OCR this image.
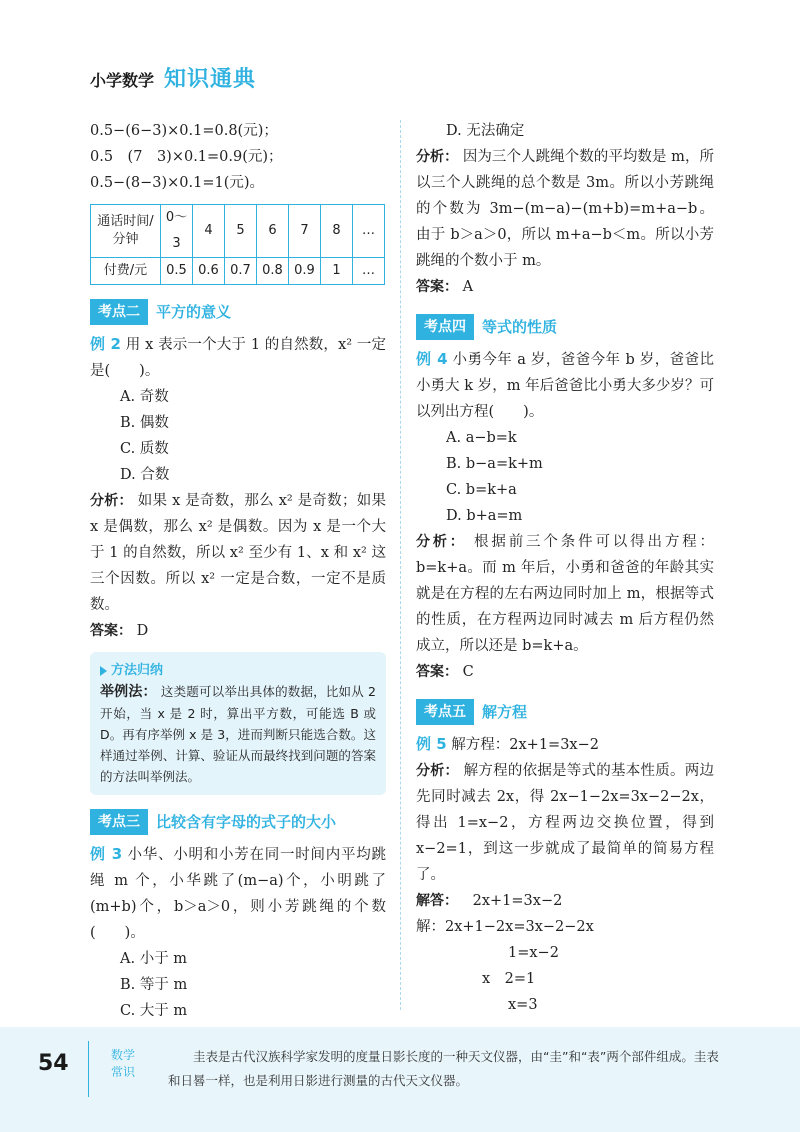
小学数学 知识通典
0.5−(6−3)×0.1=0.8(元)；
0.5　(7　3)×0.1=0.9(元)；
0.5−(8−3)×0.1=1(元)。
通话时间/分钟	0～3	4	5	6	7	8	…
付费/元	0.5	0.6	0.7	0.8	0.9	1	…
考点二	平方的意义
例 2 用 x 表示一个大于 1 的自然数，x² 一定是(　　)。
A. 奇数
B. 偶数
C. 质数
D. 合数
分析： 如果 x 是奇数，那么 x² 是奇数；如果 x 是偶数，那么 x² 是偶数。因为 x 是一个大于 1 的自然数，所以 x² 至少有 1、x 和 x² 这三个因数。所以 x² 一定是合数，一定不是质数。
答案： D
方法归纳
举例法： 这类题可以举出具体的数据，比如从 2 开始，当 x 是 2 时，算出平方数，可能选 B 或 D。再有序举例 x 是 3，进而判断只能选合数。这样通过举例、计算、验证从而最终找到问题的答案的方法叫举例法。
考点三	比较含有字母的式子的大小
例 3 小华、小明和小芳在同一时间内平均跳绳 m 个，小华跳了(m−a)个，小明跳了(m+b)个，b＞a＞0，则小芳跳绳的个数(　　)。
A. 小于 m
B. 等于 m
C. 大于 m
D. 无法确定
分析： 因为三个人跳绳个数的平均数是 m，所以三个人跳绳的总个数是 3m。所以小芳跳绳的个数为 3m−(m−a)−(m+b)=m+a−b。由于 b＞a＞0，所以 m+a−b＜m。所以小芳跳绳的个数小于 m。
答案： A
考点四	等式的性质
例 4 小勇今年 a 岁，爸爸今年 b 岁，爸爸比小勇大 k 岁，m 年后爸爸比小勇大多少岁？可以列出方程(　　)。
A. a−b=k
B. b−a=k+m
C. b=k+a
D. b+a=m
分析： 根据前三个条件可以得出方程：b=k+a。而 m 年后，小勇和爸爸的年龄其实就是在方程的左右两边同时加上 m，根据等式的性质，在方程两边同时减去 m 后方程仍然成立，所以还是 b=k+a。
答案： C
考点五	解方程
例 5 解方程：2x+1=3x−2
分析： 解方程的依据是等式的基本性质。两边先同时减去 2x，得 2x−1−2x=3x−2−2x，得出 1=x−2，方程两边交换位置，得到 x−2=1，到这一步就成了最简单的简易方程了。
解答： 2x+1=3x−2
解：2x+1−2x=3x−2−2x
1=x−2
x　2=1
x=3
54	数学常识
圭表是古代汉族科学家发明的度量日影长度的一种天文仪器，由“圭”和“表”两个部件组成。圭表和日晷一样，也是利用日影进行测量的古代天文仪器。
